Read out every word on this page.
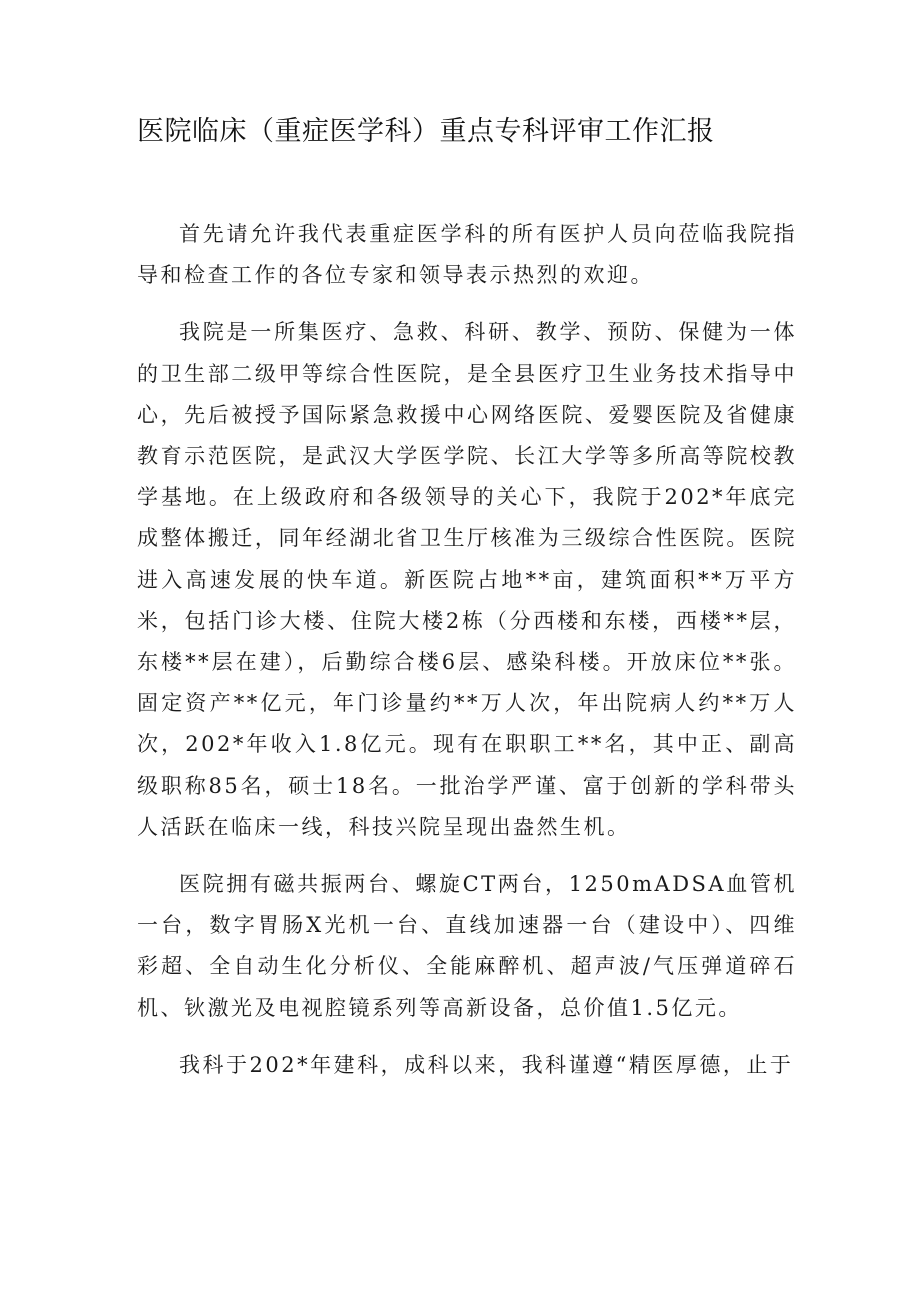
医院临床（重症医学科）重点专科评审工作汇报

首先请允许我代表重症医学科的所有医护人员向莅临我院指导和检查工作的各位专家和领导表示热烈的欢迎。

我院是一所集医疗、急救、科研、教学、预防、保健为一体的卫生部二级甲等综合性医院，是全县医疗卫生业务技术指导中心，先后被授予国际紧急救援中心网络医院、爱婴医院及省健康教育示范医院，是武汉大学医学院、长江大学等多所高等院校教学基地。在上级政府和各级领导的关心下，我院于202*年底完成整体搬迁，同年经湖北省卫生厅核准为三级综合性医院。医院进入高速发展的快车道。新医院占地**亩，建筑面积**万平方米，包括门诊大楼、住院大楼2栋（分西楼和东楼，西楼**层，东楼**层在建），后勤综合楼6层、感染科楼。开放床位**张。固定资产**亿元，年门诊量约**万人次，年出院病人约**万人次，202*年收入1.8亿元。现有在职职工**名，其中正、副高级职称85名，硕士18名。一批治学严谨、富于创新的学科带头人活跃在临床一线，科技兴院呈现出盎然生机。

医院拥有磁共振两台、螺旋CT两台，1250mADSA血管机一台，数字胃肠X光机一台、直线加速器一台（建设中）、四维彩超、全自动生化分析仪、全能麻醉机、超声波/气压弹道碎石机、钬激光及电视腔镜系列等高新设备，总价值1.5亿元。

我科于202*年建科，成科以来，我科谨遵“精医厚德，止于
